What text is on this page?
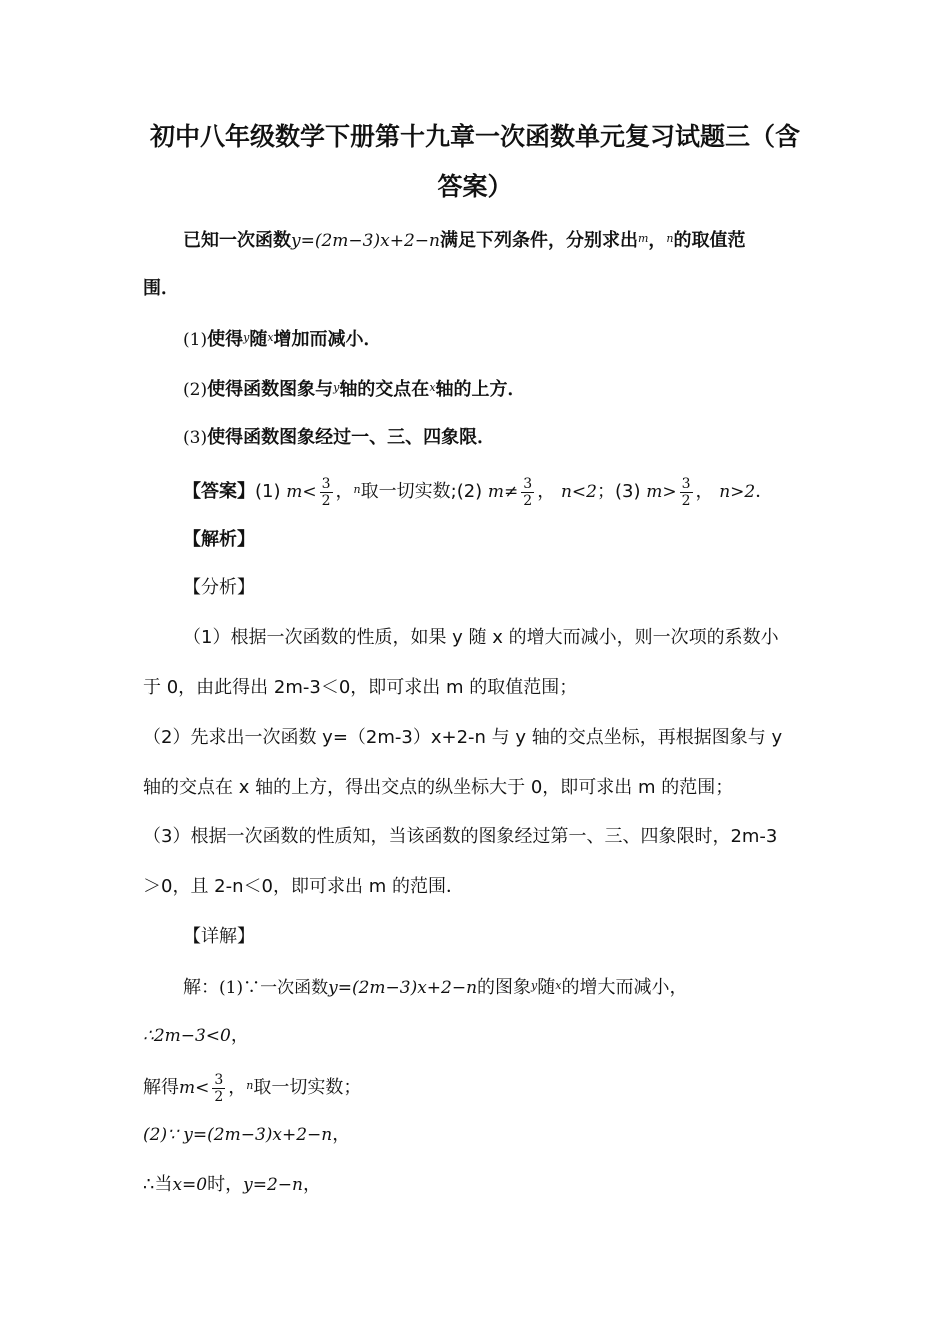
初中八年级数学下册第十九章一次函数单元复习试题三（含
答案）
已知一次函数y=(2m−3)x+2−n满足下列条件，分别求出$^m$，$^n$的取值范
围．
(1)使得$^y$随$^x$增加而减小．
(2)使得函数图象与$^y$轴的交点在$^x$轴的上方．
(3)使得函数图象经过一、三、四象限．
【答案】(1) $m< \frac{3}{2}$ ，$^n$取一切实数;(2) $m\ne \frac{3}{2}$ ， n<2；(3) $m> \frac{3}{2}$ ， n>2．
【解析】
【分析】
（1）根据一次函数的性质，如果 y 随 x 的增大而减小，则一次项的系数小
于 0，由此得出 2m-3＜0，即可求出 m 的取值范围；
（2）先求出一次函数 y=（2m-3）x+2-n 与 y 轴的交点坐标，再根据图象与 y
轴的交点在 x 轴的上方，得出交点的纵坐标大于 0，即可求出 m 的范围；
（3）根据一次函数的性质知，当该函数的图象经过第一、三、四象限时，2m-3
＞0，且 2-n＜0，即可求出 m 的范围．
【详解】
解：(1)∵一次函数y=(2m−3)x+2−n的图象$^y$随$^x$的增大而减小，
∴2m−3<0，
解得$m< \frac{3}{2}$ ，$^n$取一切实数；
(2)∵ y=(2m−3)x+2−n，
∴当x=0时，y=2−n，
